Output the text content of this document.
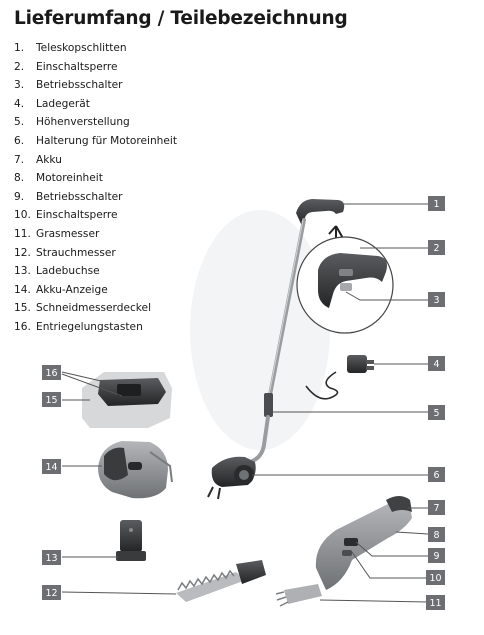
Lieferumfang / Teilebezeichnung
1.	Teleskopschlitten
2.	Einschaltsperre
3.	Betriebsschalter
4.	Ladegerät
5.	Höhenverstellung
6.	Halterung für Motoreinheit
7.	Akku
8.	Motoreinheit
9.	Betriebsschalter
10. Einschaltsperre
11. Grasmesser
12. Strauchmesser
13. Ladebuchse
14. Akku-Anzeige
15. Schneidmesserdeckel
16. Entriegelungstasten
1
2
3
4
5
6
7
8
9
10
11
12
13
14
15
16
